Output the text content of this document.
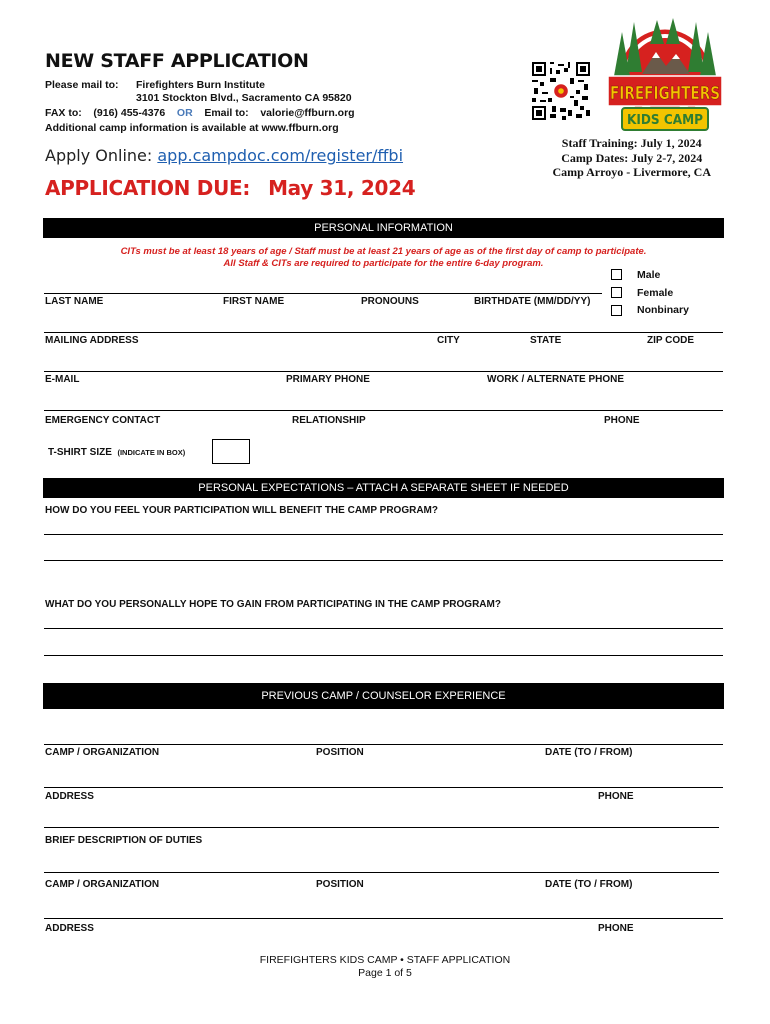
NEW STAFF APPLICATION
Please mail to: Firefighters Burn Institute
3101 Stockton Blvd., Sacramento CA 95820
FAX to: (916) 455-4376 OR Email to: valorie@ffburn.org
Additional camp information is available at www.ffburn.org
Apply Online: app.campdoc.com/register/ffbi
APPLICATION DUE: May 31, 2024
FIREFIGHTERS
KIDS CAMP
Staff Training: July 1, 2024
Camp Dates: July 2-7, 2024
Camp Arroyo - Livermore, CA
PERSONAL INFORMATION
CITs must be at least 18 years of age / Staff must be at least 21 years of age as of the first day of camp to participate.
All Staff & CITs are required to participate for the entire 6-day program.
LAST NAME	FIRST NAME	PRONOUNS	BIRTHDATE (MM/DD/YY)
Male
Female
Nonbinary
MAILING ADDRESS	CITY	STATE	ZIP CODE
E-MAIL	PRIMARY PHONE	WORK / ALTERNATE PHONE
EMERGENCY CONTACT	RELATIONSHIP	PHONE
T-SHIRT SIZE (INDICATE IN BOX)
PERSONAL EXPECTATIONS – ATTACH A SEPARATE SHEET IF NEEDED
HOW DO YOU FEEL YOUR PARTICIPATION WILL BENEFIT THE CAMP PROGRAM?
WHAT DO YOU PERSONALLY HOPE TO GAIN FROM PARTICIPATING IN THE CAMP PROGRAM?
PREVIOUS CAMP / COUNSELOR EXPERIENCE
CAMP / ORGANIZATION	POSITION	DATE (TO / FROM)
ADDRESS	PHONE
BRIEF DESCRIPTION OF DUTIES
CAMP / ORGANIZATION	POSITION	DATE (TO / FROM)
ADDRESS	PHONE
FIREFIGHTERS KIDS CAMP • STAFF APPLICATION
Page 1 of 5
